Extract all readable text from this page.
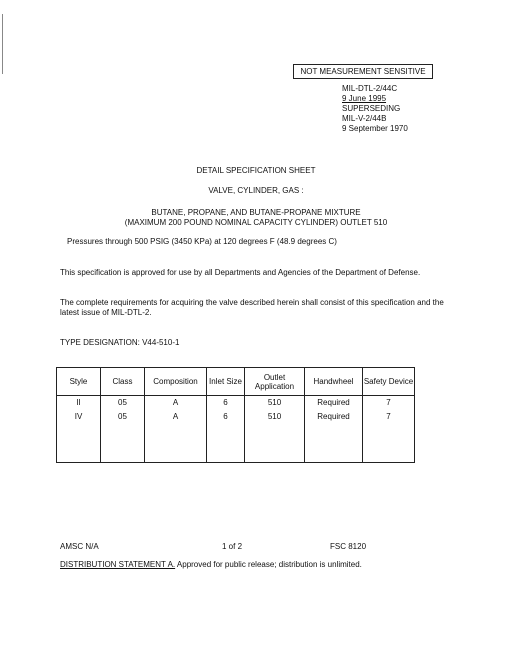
NOT MEASUREMENT SENSITIVE
MIL-DTL-2/44C
9 June 1995
SUPERSEDING
MIL-V-2/44B
9 September 1970
DETAIL SPECIFICATION SHEET
VALVE, CYLINDER, GAS :
BUTANE, PROPANE, AND BUTANE-PROPANE MIXTURE
(MAXIMUM 200 POUND NOMINAL CAPACITY CYLINDER) OUTLET 510
Pressures through 500 PSIG (3450 KPa) at 120 degrees F (48.9 degrees C)
This specification is approved for use by all Departments and Agencies of the Department of Defense.
The complete requirements for acquiring the valve described herein shall consist of this specification and the latest issue of MIL-DTL-2.
TYPE DESIGNATION: V44-510-1
Style	Class	Composition	Inlet Size	Outlet Application	Handwheel	Safety Device
II	05	A	6	510	Required	7
IV	05	A	6	510	Required	7

AMSC N/A	1 of 2	FSC 8120
DISTRIBUTION STATEMENT A. Approved for public release; distribution is unlimited.
